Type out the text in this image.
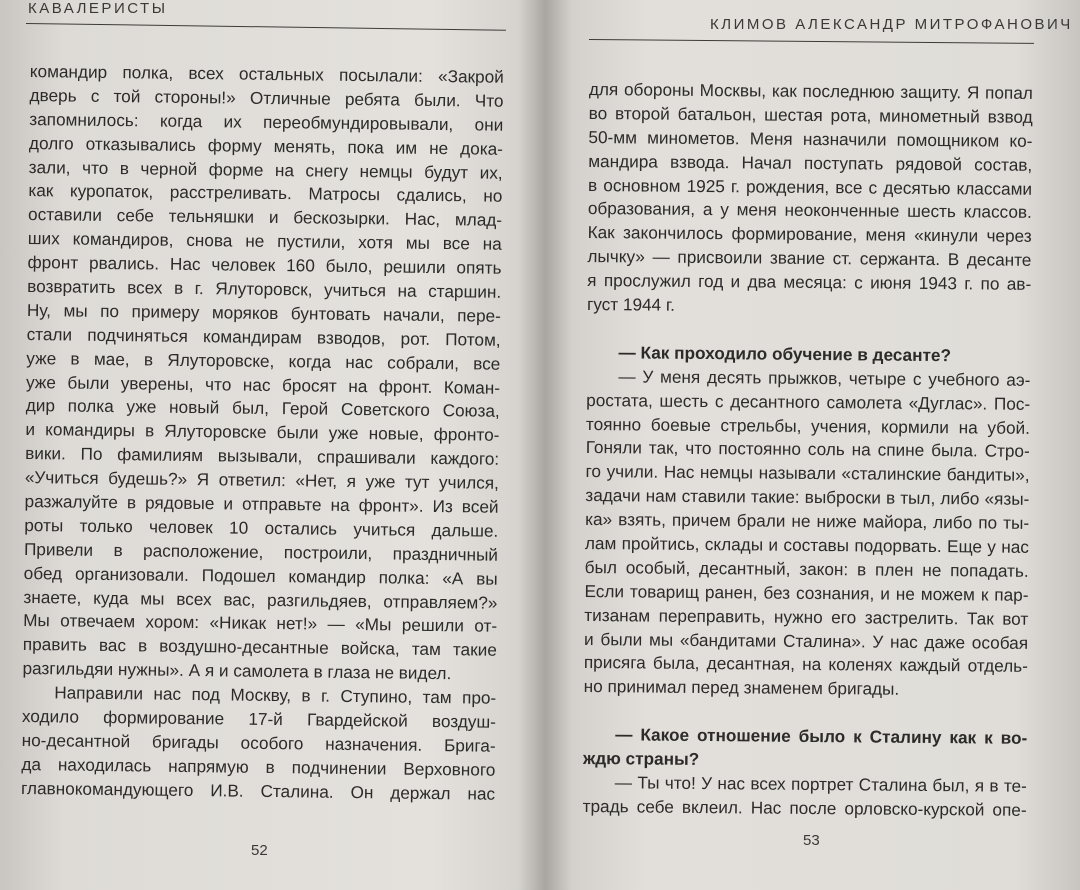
КАВАЛЕРИСТЫ
командир полка, всех остальных посылали: «Закрой
дверь с той стороны!» Отличные ребята были. Что
запомнилось: когда их переобмундировывали, они
долго отказывались форму менять, пока им не дока-
зали, что в черной форме на снегу немцы будут их,
как куропаток, расстреливать. Матросы сдались, но
оставили себе тельняшки и бескозырки. Нас, млад-
ших командиров, снова не пустили, хотя мы все на
фронт рвались. Нас человек 160 было, решили опять
возвратить всех в г. Ялуторовск, учиться на старшин.
Ну, мы по примеру моряков бунтовать начали, пере-
стали подчиняться командирам взводов, рот. Потом,
уже в мае, в Ялуторовске, когда нас собрали, все
уже были уверены, что нас бросят на фронт. Коман-
дир полка уже новый был, Герой Советского Союза,
и командиры в Ялуторовске были уже новые, фронто-
вики. По фамилиям вызывали, спрашивали каждого:
«Учиться будешь?» Я ответил: «Нет, я уже тут учился,
разжалуйте в рядовые и отправьте на фронт». Из всей
роты только человек 10 остались учиться дальше.
Привели в расположение, построили, праздничный
обед организовали. Подошел командир полка: «А вы
знаете, куда мы всех вас, разгильдяев, отправляем?»
Мы отвечаем хором: «Никак нет!» — «Мы решили от-
править вас в воздушно-десантные войска, там такие
разгильдяи нужны». А я и самолета в глаза не видел.
Направили нас под Москву, в г. Ступино, там про-
ходило формирование 17-й Гвардейской воздуш-
но-десантной бригады особого назначения. Брига-
да находилась напрямую в подчинении Верховного
главнокомандующего И.В. Сталина. Он держал нас
52
КЛИМОВ АЛЕКСАНДР МИТРОФАНОВИЧ
для обороны Москвы, как последнюю защиту. Я попал
во второй батальон, шестая рота, минометный взвод
50-мм минометов. Меня назначили помощником ко-
мандира взвода. Начал поступать рядовой состав,
в основном 1925 г. рождения, все с десятью классами
образования, а у меня неоконченные шесть классов.
Как закончилось формирование, меня «кинули через
лычку» — присвоили звание ст. сержанта. В десанте
я прослужил год и два месяца: с июня 1943 г. по ав-
густ 1944 г.
— Как проходило обучение в десанте?
— У меня десять прыжков, четыре с учебного аэ-
ростата, шесть с десантного самолета «Дуглас». Пос-
тоянно боевые стрельбы, учения, кормили на убой.
Гоняли так, что постоянно соль на спине была. Стро-
го учили. Нас немцы называли «сталинские бандиты»,
задачи нам ставили такие: выброски в тыл, либо «язы-
ка» взять, причем брали не ниже майора, либо по ты-
лам пройтись, склады и составы подорвать. Еще у нас
был особый, десантный, закон: в плен не попадать.
Если товарищ ранен, без сознания, и не можем к пар-
тизанам переправить, нужно его застрелить. Так вот
и были мы «бандитами Сталина». У нас даже особая
присяга была, десантная, на коленях каждый отдель-
но принимал перед знаменем бригады.
— Какое отношение было к Сталину как к во-
ждю страны?
— Ты что! У нас всех портрет Сталина был, я в те-
традь себе вклеил. Нас после орловско-курской опе-
53
